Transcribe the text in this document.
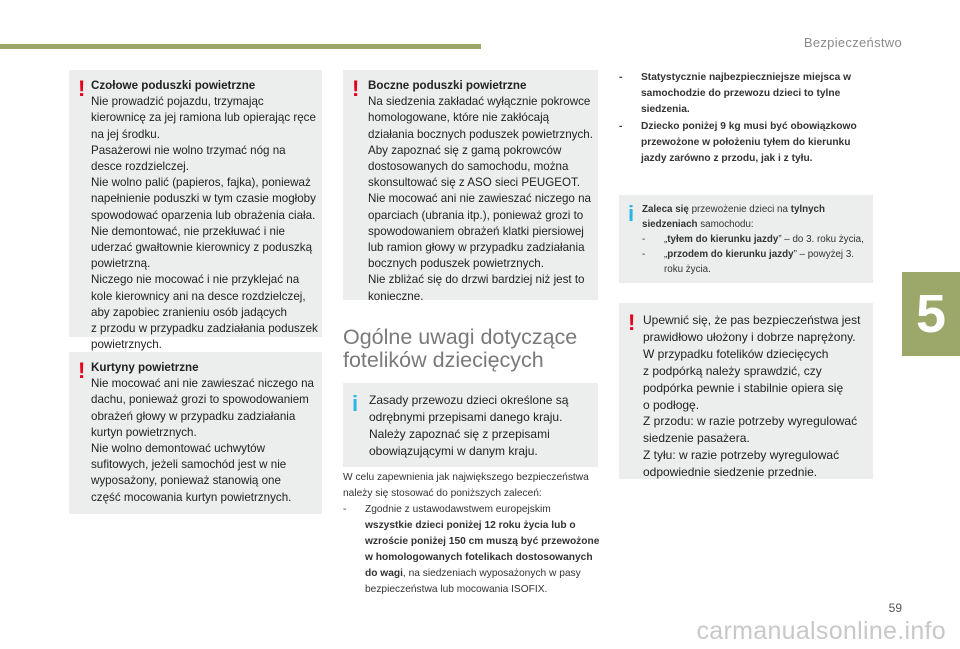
Bezpieczeństwo
5
! Czołowe poduszki powietrzne

Nie prowadzić pojazdu, trzymając
kierownicę za jej ramiona lub opierając ręce
na jej środku.
Pasażerowi nie wolno trzymać nóg na
desce rozdzielczej.
Nie wolno palić (papieros, fajka), ponieważ
napełnienie poduszki w tym czasie mogłoby
spowodować oparzenia lub obrażenia ciała.
Nie demontować, nie przekłuwać i nie
uderzać gwałtownie kierownicy z poduszką
powietrzną.
Niczego nie mocować i nie przyklejać na
kole kierownicy ani na desce rozdzielczej,
aby zapobiec zranieniu osób jadących
z przodu w przypadku zadziałania poduszek
powietrznych.

! Kurtyny powietrzne

Nie mocować ani nie zawieszać niczego na
dachu, ponieważ grozi to spowodowaniem
obrażeń głowy w przypadku zadziałania
kurtyn powietrznych.
Nie wolno demontować uchwytów
sufitowych, jeżeli samochód jest w nie
wyposażony, ponieważ stanowią one
część mocowania kurtyn powietrznych.

! Boczne poduszki powietrzne

Na siedzenia zakładać wyłącznie pokrowce
homologowane, które nie zakłócają
działania bocznych poduszek powietrznych.
Aby zapoznać się z gamą pokrowców
dostosowanych do samochodu, można
skonsultować się z ASO sieci PEUGEOT.
Nie mocować ani nie zawieszać niczego na
oparciach (ubrania itp.), ponieważ grozi to
spowodowaniem obrażeń klatki piersiowej
lub ramion głowy w przypadku zadziałania
bocznych poduszek powietrznych.
Nie zbliżać się do drzwi bardziej niż jest to
konieczne.

Ogólne uwagi dotyczące
fotelików dziecięcych
i Zasady przewozu dzieci określone są
odrębnymi przepisami danego kraju.
Należy zapoznać się z przepisami
obowiązującymi w danym kraju.

W celu zapewnienia jak największego bezpieczeństwa należy się stosować do poniższych zaleceń:
- Zgodnie z ustawodawstwem europejskim wszystkie dzieci poniżej 12 roku życia lub o wzroście poniżej 150 cm muszą być przewożone w homologowanych fotelikach dostosowanych do wagi, na siedzeniach wyposażonych w pasy bezpieczeństwa lub mocowania ISOFIX.
- Statystycznie najbezpieczniejsze miejsca w samochodzie do przewozu dzieci to tylne siedzenia.
- Dziecko poniżej 9 kg musi być obowiązkowo przewożone w położeniu tyłem do kierunku jazdy zarówno z przodu, jak i z tyłu.
i Zaleca się przewożenie dzieci na tylnych siedzeniach samochodu:
- „tyłem do kierunku jazdy” – do 3. roku życia,
- „przodem do kierunku jazdy” – powyżej 3. roku życia.
! Upewnić się, że pas bezpieczeństwa jest
prawidłowo ułożony i dobrze naprężony.
W przypadku fotelików dziecięcych
z podpórką należy sprawdzić, czy
podpórka pewnie i stabilnie opiera się
o podłogę.
Z przodu: w razie potrzeby wyregulować
siedzenie pasażera.
Z tyłu: w razie potrzeby wyregulować
odpowiednie siedzenie przednie.

59
carmanualsonline.info
